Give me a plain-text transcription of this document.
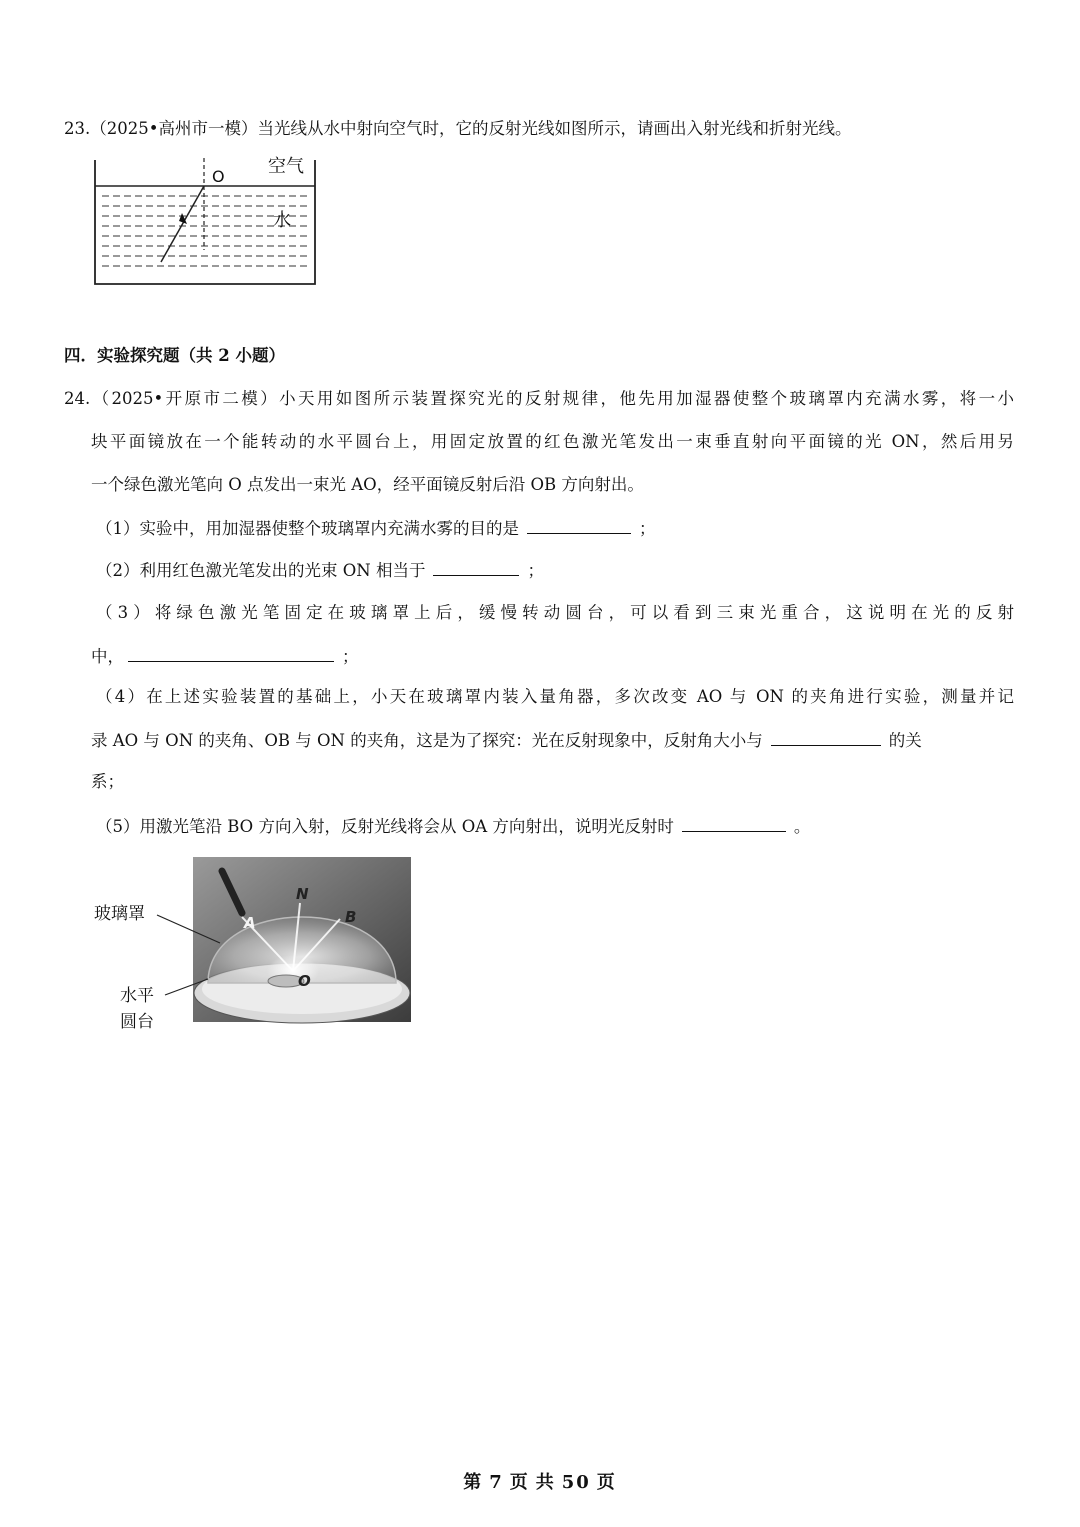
23.（2025•高州市一模）当光线从水中射向空气时，它的反射光线如图所示，请画出入射光线和折射光线。
O 空气
水
四．实验探究题（共 2 小题）
24.（2025•开原市二模）小天用如图所示装置探究光的反射规律，他先用加湿器使整个玻璃罩内充满水雾，将一小
块平面镜放在一个能转动的水平圆台上，用固定放置的红色激光笔发出一束垂直射向平面镜的光 ON，然后用另
一个绿色激光笔向 O 点发出一束光 AO，经平面镜反射后沿 OB 方向射出。
（1）实验中，用加湿器使整个玻璃罩内充满水雾的目的是	；
（2）利用红色激光笔发出的光束 ON 相当于	；
（3）将绿色激光笔固定在玻璃罩上后，缓慢转动圆台，可以看到三束光重合，这说明在光的反射
中，	；
（4）在上述实验装置的基础上，小天在玻璃罩内装入量角器，多次改变 AO 与 ON 的夹角进行实验，测量并记
录 AO 与 ON 的夹角、OB 与 ON 的夹角，这是为了探究：光在反射现象中，反射角大小与	的关
系；
（5）用激光笔沿 BO 方向入射，反射光线将会从 OA 方向射出，说明光反射时	。
N
A	B
O
玻璃罩
水平
圆台
第 7 页 共 50 页
